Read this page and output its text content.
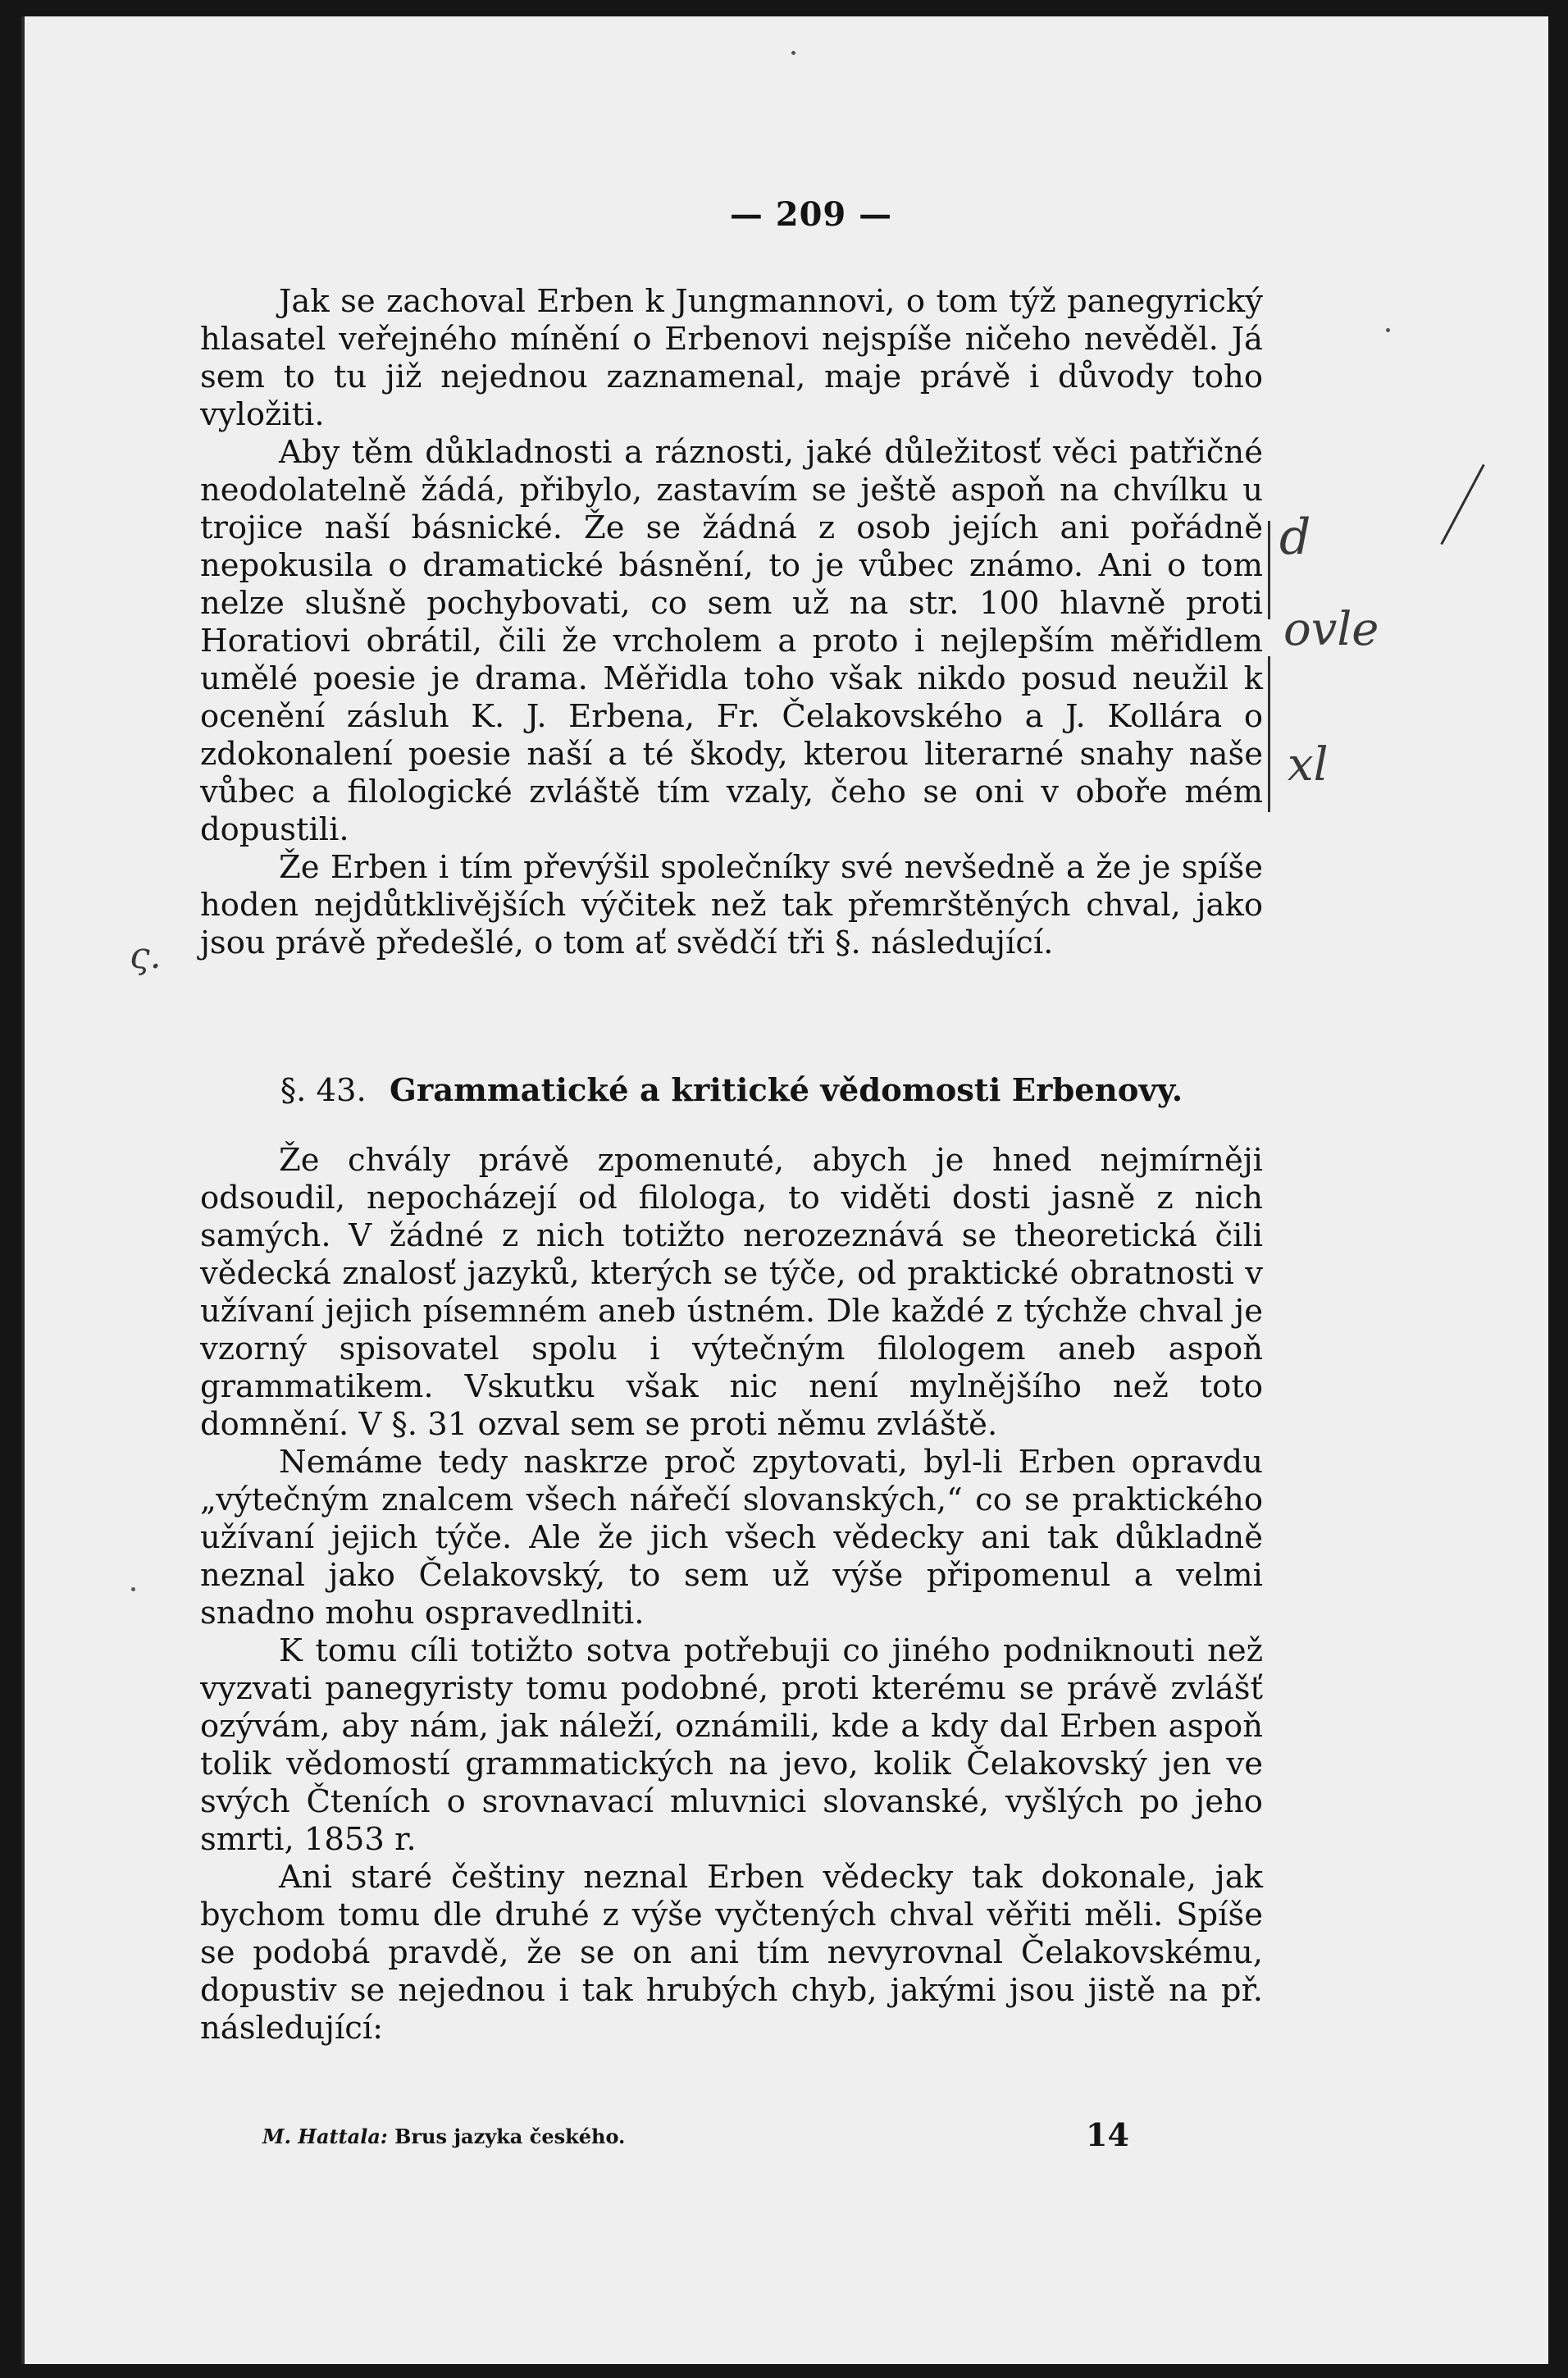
— 209 —

Jak se zachoval Erben k Jungmannovi, o tom týž panegyrický hlasatel veřejného mínění o Erbenovi nejspíše ničeho nevěděl. Já sem to tu již nejednou zaznamenal, maje právě i důvody toho vyložiti.

Aby těm důkladnosti a ráznosti, jaké důležitosť věci patřičné neodolatelně žádá, přibylo, zastavím se ještě aspoň na chvílku u trojice naší básnické. Že se žádná z osob jejích ani pořádně nepokusila o dramatické básnění, to je vůbec známo. Ani o tom nelze slušně pochybovati, co sem už na str. 100 hlavně proti Horatiovi obrátil, čili že vrcholem a proto i nejlepším měřidlem umělé poesie je drama. Měřidla toho však nikdo posud neužil k ocenění zásluh K. J. Erbena, Fr. Čelakovského a J. Kollára o zdokonalení poesie naší a té škody, kterou literarné snahy naše vůbec a filologické zvláště tím vzaly, čeho se oni v oboře mém dopustili.

Že Erben i tím převýšil společníky své nevšedně a že je spíše hoden nejdůtklivějších výčitek než tak přemrštěných chval, jako jsou právě předešlé, o tom ať svědčí tři §. následující.

§. 43. Grammatické a kritické vědomosti Erbenovy.

Že chvály právě zpomenuté, abych je hned nejmírněji odsoudil, nepocházejí od filologa, to viděti dosti jasně z nich samých. V žádné z nich totižto nerozeznává se theoretická čili vědecká znalosť jazyků, kterých se týče, od praktické obratnosti v užívaní jejich písemném aneb ústném. Dle každé z týchže chval je vzorný spisovatel spolu i výtečným filologem aneb aspoň grammatikem. Vskutku však nic není mylnějšího než toto domnění. V §. 31 ozval sem se proti němu zvláště.

Nemáme tedy naskrze proč zpytovati, byl-li Erben opravdu „výtečným znalcem všech nářečí slovanských,“ co se praktického užívaní jejich týče. Ale že jich všech vědecky ani tak důkladně neznal jako Čelakovský, to sem už výše připomenul a velmi snadno mohu ospravedlniti.

K tomu cíli totižto sotva potřebuji co jiného podniknouti než vyzvati panegyristy tomu podobné, proti kterému se právě zvlášť ozývám, aby nám, jak náleží, oznámili, kde a kdy dal Erben aspoň tolik vědomostí grammatických na jevo, kolik Čelakovský jen ve svých Čteních o srovnavací mluvnici slovanské, vyšlých po jeho smrti, 1853 r.

Ani staré češtiny neznal Erben vědecky tak dokonale, jak bychom tomu dle druhé z výše vyčtených chval věřiti měli. Spíše se podobá pravdě, že se on ani tím nevyrovnal Čelakovskému, dopustiv se nejednou i tak hrubých chyb, jakými jsou jistě na př. následující:

M. Hattala: Brus jazyka českého.	14
d
ovle
xl
ς.
